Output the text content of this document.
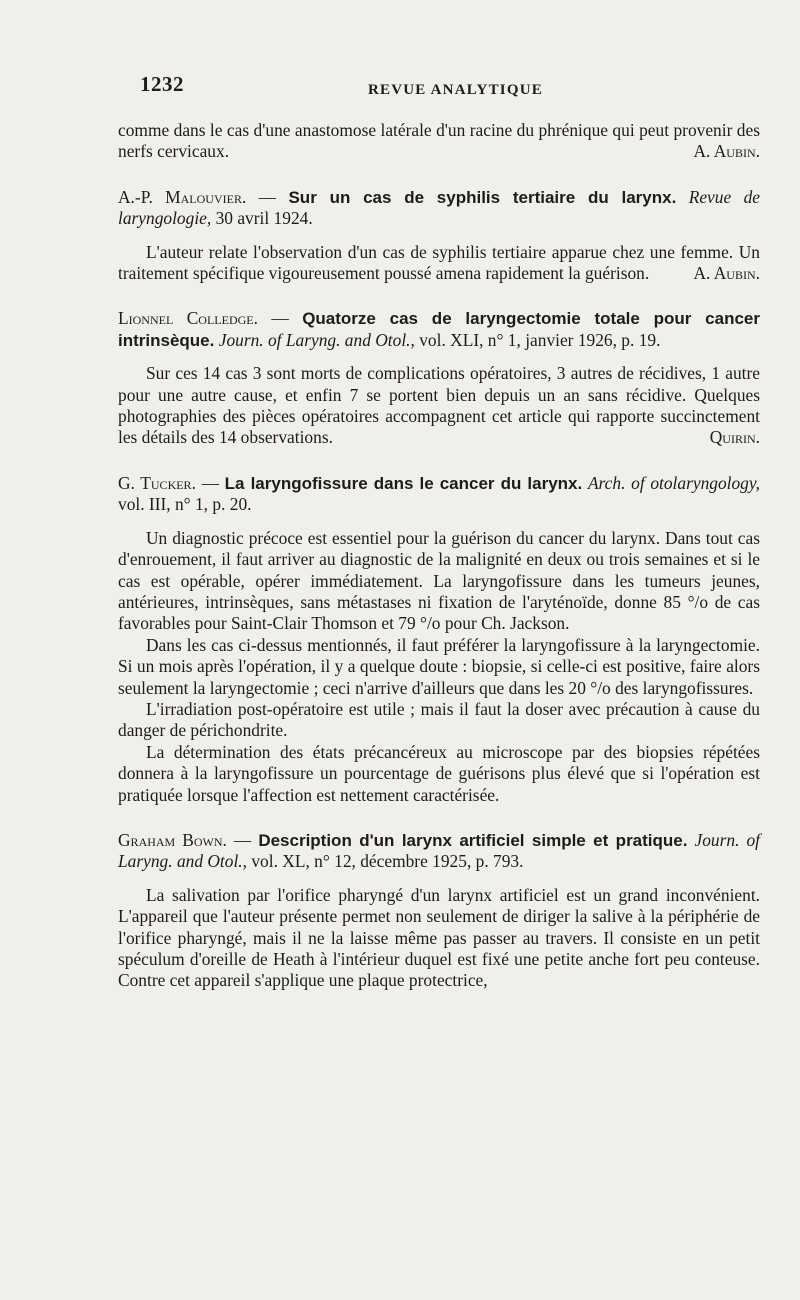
1232	REVUE ANALYTIQUE

comme dans le cas d'une anastomose latérale d'un racine du phrénique qui peut provenir des nerfs cervicaux.	A. Aubin.

A.-P. Malouvier. — Sur un cas de syphilis tertiaire du larynx. Revue de laryngologie, 30 avril 1924.

L'auteur relate l'observation d'un cas de syphilis tertiaire apparue chez une femme. Un traitement spécifique vigoureusement poussé amena rapidement la guérison.	A. Aubin.

Lionnel Colledge. — Quatorze cas de laryngectomie totale pour cancer intrinsèque. Journ. of Laryng. and Otol., vol. XLI, n° 1, janvier 1926, p. 19.

Sur ces 14 cas 3 sont morts de complications opératoires, 3 autres de récidives, 1 autre pour une autre cause, et enfin 7 se portent bien depuis un an sans récidive. Quelques photographies des pièces opératoires accompagnent cet article qui rapporte succinctement les détails des 14 observations.	Quirin.

G. Tucker. — La laryngofissure dans le cancer du larynx. Arch. of otolaryngology, vol. III, n° 1, p. 20.

Un diagnostic précoce est essentiel pour la guérison du cancer du larynx. Dans tout cas d'enrouement, il faut arriver au diagnostic de la malignité en deux ou trois semaines et si le cas est opérable, opérer immédiatement. La laryngofissure dans les tumeurs jeunes, antérieures, intrinsèques, sans métastases ni fixation de l'aryténoïde, donne 85 °/o de cas favorables pour Saint-Clair Thomson et 79 °/o pour Ch. Jackson.

Dans les cas ci-dessus mentionnés, il faut préférer la laryngofissure à la laryngectomie. Si un mois après l'opération, il y a quelque doute : biopsie, si celle-ci est positive, faire alors seulement la laryngectomie ; ceci n'arrive d'ailleurs que dans les 20 °/o des laryngofissures.

L'irradiation post-opératoire est utile ; mais il faut la doser avec précaution à cause du danger de périchondrite.

La détermination des états précancéreux au microscope par des biopsies répétées donnera à la laryngofissure un pourcentage de guérisons plus élevé que si l'opération est pratiquée lorsque l'affection est nettement caractérisée.

Graham Bown. — Description d'un larynx artificiel simple et pratique. Journ. of Laryng. and Otol., vol. XL, n° 12, décembre 1925, p. 793.

La salivation par l'orifice pharyngé d'un larynx artificiel est un grand inconvénient. L'appareil que l'auteur présente permet non seulement de diriger la salive à la périphérie de l'orifice pharyngé, mais il ne la laisse même pas passer au travers. Il consiste en un petit spéculum d'oreille de Heath à l'intérieur duquel est fixé une petite anche fort peu conteuse. Contre cet appareil s'applique une plaque protectrice,
